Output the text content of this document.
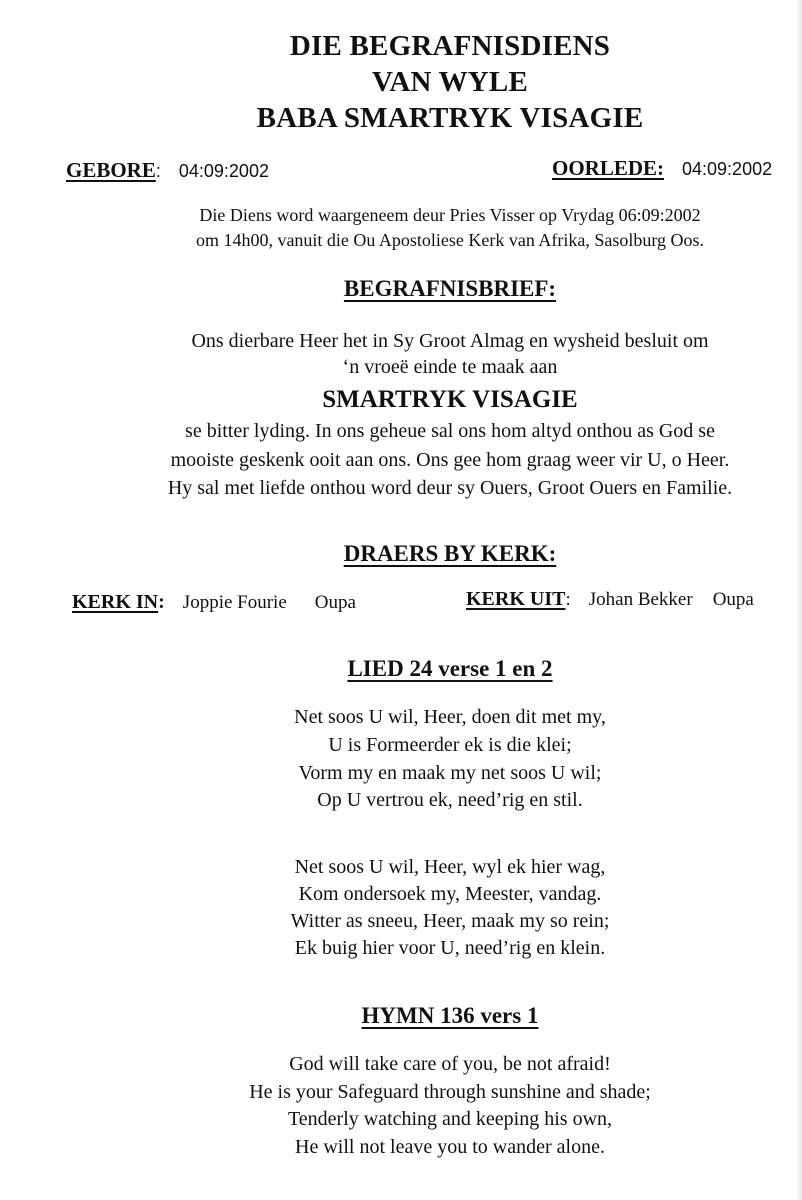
DIE BEGRAFNISDIENS
VAN WYLE
BABA SMARTRYK VISAGIE
GEBORE: 04:09:2002	OORLEDE: 04:09:2002
Die Diens word waargeneem deur Pries Visser op Vrydag 06:09:2002
om 14h00, vanuit die Ou Apostoliese Kerk van Afrika, Sasolburg Oos.
BEGRAFNISBRIEF:
Ons dierbare Heer het in Sy Groot Almag en wysheid besluit om
‘n vroeë einde te maak aan
SMARTRYK VISAGIE
se bitter lyding. In ons geheue sal ons hom altyd onthou as God se
mooiste geskenk ooit aan ons. Ons gee hom graag weer vir U, o Heer.
Hy sal met liefde onthou word deur sy Ouers, Groot Ouers en Familie.
DRAERS BY KERK:
KERK IN: Joppie Fourie Oupa	KERK UIT: Johan Bekker Oupa
LIED 24 verse 1 en 2
Net soos U wil, Heer, doen dit met my,
U is Formeerder ek is die klei;
Vorm my en maak my net soos U wil;
Op U vertrou ek, need’rig en stil.
Net soos U wil, Heer, wyl ek hier wag,
Kom ondersoek my, Meester, vandag.
Witter as sneeu, Heer, maak my so rein;
Ek buig hier voor U, need’rig en klein.
HYMN 136 vers 1
God will take care of you, be not afraid!
He is your Safeguard through sunshine and shade;
Tenderly watching and keeping his own,
He will not leave you to wander alone.
